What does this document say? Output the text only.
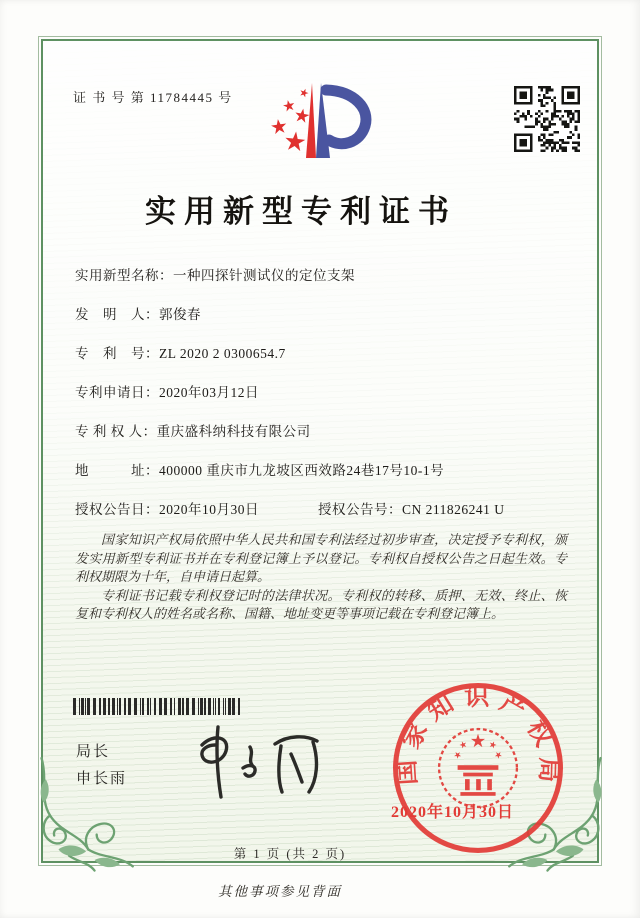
证 书 号 第 11784445 号
实用新型专利证书
实用新型名称：一种四探针测试仪的定位支架
发　明　人：郭俊春
专　利　号：ZL 2020 2 0300654.7
专利申请日：2020年03月12日
专 利 权 人：重庆盛科纳科技有限公司
地　　　址：400000 重庆市九龙坡区西效路24巷17号10-1号
授权公告日：2020年10月30日	授权公告号：CN 211826241 U

国家知识产权局依照中华人民共和国专利法经过初步审查，决定授予专利权，颁发实用新型专利证书并在专利登记簿上予以登记。专利权自授权公告之日起生效。专利权期限为十年，自申请日起算。

专利证书记载专利权登记时的法律状况。专利权的转移、质押、无效、终止、恢复和专利权人的姓名或名称、国籍、地址变更等事项记载在专利登记簿上。

局长
申长雨	国家知识产权局
2020年10月30日
第 1 页 (共 2 页)
其他事项参见背面
